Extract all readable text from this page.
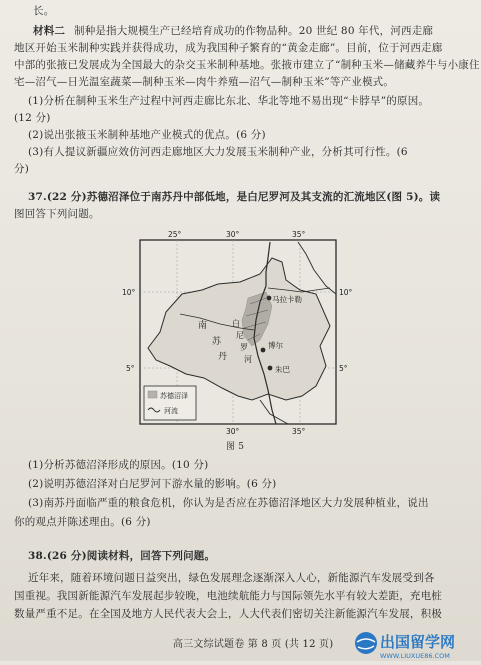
长。
材料二 制种是指大规模生产已经培育成功的作物品种。20 世纪 80 年代，河西走廊
地区开始玉米制种实践并获得成功，成为我国种子繁育的“黄金走廊”。目前，位于河西走廊
中部的张掖已发展成为全国最大的杂交玉米制种基地。张掖市建立了“制种玉米—储藏养牛与小康住
宅—沼气—日光温室蔬菜—制种玉米—肉牛养殖—沼气—制种玉米”等产业模式。
(1)分析在制种玉米生产过程中河西走廊比东北、华北等地不易出现“卡脖旱”的原因。
(12 分)
(2)说出张掖玉米制种基地产业模式的优点。(6 分)
(3)有人提议新疆应效仿河西走廊地区大力发展玉米制种产业，分析其可行性。(6
分)
37.(22 分)苏德沼泽位于南苏丹中部低地，是白尼罗河及其支流的汇流地区(图 5)。读
图回答下列问题。
马拉卡勒
博尔
朱巴
南
苏
丹
白
尼
罗
河
25°	30°	35°
30°	35°
10°
5°
10°
5°
苏德沼泽
河流
图 5
(1)分析苏德沼泽形成的原因。(10 分)
(2)说明苏德沼泽对白尼罗河下游水量的影响。(6 分)
(3)南苏丹面临严重的粮食危机，你认为是否应在苏德沼泽地区大力发展种植业，说出
你的观点并陈述理由。(6 分)
38.(26 分)阅读材料，回答下列问题。
近年来，随着环境问题日益突出，绿色发展理念逐渐深入人心，新能源汽车发展受到各
国重视。我国新能源汽车发展起步较晚，电池续航能力与国际领先水平有较大差距，充电桩
数量严重不足。在全国及地方人民代表大会上，人大代表们密切关注新能源汽车发展，积极
高三文综试题卷 第 8 页 (共 12 页)	出国留学网
WWW.LIUXUE86.COM
